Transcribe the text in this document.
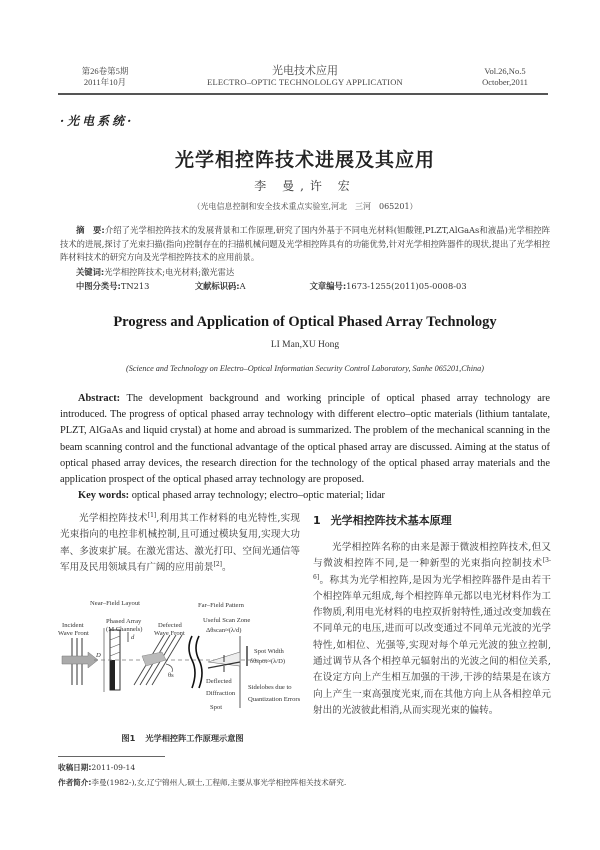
第26卷第5期
2011年10月
光电技术应用
ELECTRO–OPTIC TECHNOLOLGY APPLICATION
Vol.26,No.5
October,2011
·光电系统·
光学相控阵技术进展及其应用
李 曼,许 宏
（光电信息控制和安全技术重点实验室,河北　三河　065201）
摘　要:介绍了光学相控阵技术的发展背景和工作原理,研究了国内外基于不同电光材料(钽酸锂,PLZT,AlGaAs和液晶)光学相控阵技术的进展,探讨了光束扫描(指向)控制存在的扫描机械问题及光学相控阵具有的功能优势,针对光学相控阵器件的现状,提出了光学相控阵材料技术的研究方向及光学相控阵技术的应用前景。
关键词:光学相控阵技术;电光材料;激光雷达
中图分类号:TN213	文献标识码:A	文章编号:1673-1255(2011)05-0008-03
Progress and Application of Optical Phased Array Technology
LI Man,XU Hong
(Science and Technology on Electro–Optical Informatian Security Control Laboratory, Sanhe 065201,China)

Abstract: The development background and working principle of optical phased array technology are introduced. The progress of optical phased array technology with different electro–optic materials (lithium tantalate, PLZT, AlGaAs and liquid crystal) at home and abroad is summarized. The problem of the mechanical scanning in the beam scanning control and the functional advantage of the optical phased array are discussed. Aiming at the status of optical phased array devices, the research direction for the technology of the optical phased array materials and the application prospect of the optical phased array technology are proposed.

Key words: optical phased array technology; electro–optic material; lidar

光学相控阵技术[1],利用其工作材料的电光特性,实现光束指向的电控非机械控制,且可通过模块复用,实现大功率、多波束扩展。在激光雷达、激光打印、空间光通信等军用及民用领域具有广阔的应用前景[2]。

Near–Field Layout	Far–Field Pattern
Incident
Wave Front
Phased Array
(M Channels)
Defected
Wave Front
Useful Scan Zone
Δθscan≈(λ/d)
Spot Width
δθspot≈(λ/D)
Deflected
Diffraction
Spot
Sidelobes due to
Quantization Errors
d
D
θs
图1 光学相控阵工作原理示意图
1 光学相控阵技术基本原理

光学相控阵名称的由来是源于微波相控阵技术,但又与微波相控阵不同,是一种新型的光束指向控制技术[3-6]。称其为光学相控阵,是因为光学相控阵器件是由若干个相控阵单元组成,每个相控阵单元都以电光材料作为工作物质,利用电光材料的电控双折射特性,通过改变加载在不同单元的电压,进而可以改变通过不同单元光波的光学特性,如相位、光强等,实现对每个单元光波的独立控制,通过调节从各个相控单元辐射出的光波之间的相位关系,在设定方向上产生相互加强的干涉,干涉的结果是在该方向上产生一束高强度光束,而在其他方向上从各相控单元射出的光波彼此相消,从而实现光束的偏转。

收稿日期:2011-09-14
作者简介:李曼(1982-),女,辽宁锦州人,硕士,工程师,主要从事光学相控阵相关技术研究.
